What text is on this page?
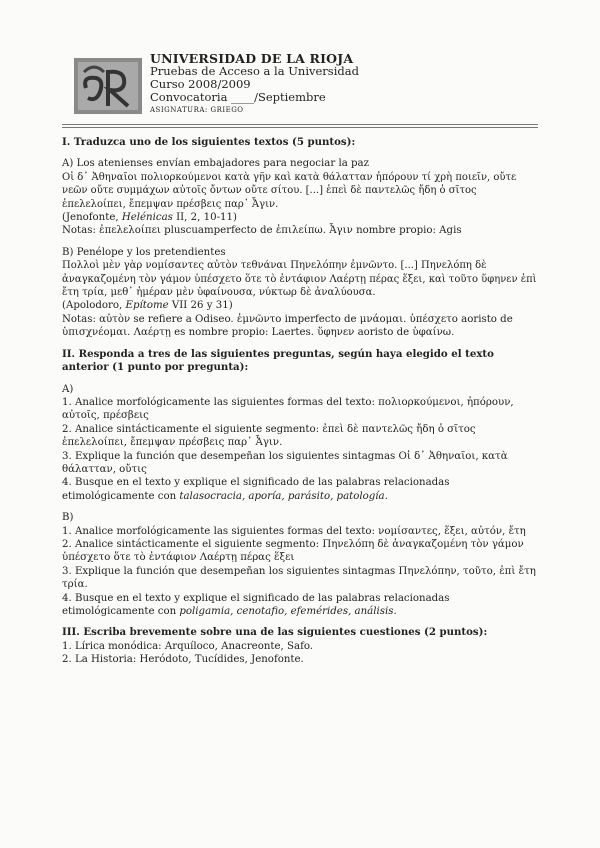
UNIVERSIDAD DE LA RIOJA
Pruebas de Acceso a la Universidad
Curso 2008/2009
Convocatoria ____/Septiembre
ASIGNATURA: GRIEGO

I. Traduzca uno de los siguientes textos (5 puntos):

A) Los atenienses envían embajadores para negociar la paz

Οἱ δ᾽ Ἀθηναῖοι πολιορκούμενοι κατὰ γῆν καὶ κατὰ θάλατταν ἠπόρουν τί χρὴ ποιεῖν, οὔτε νεῶν οὔτε συμμάχων αὐτοῖς ὄντων οὔτε σίτου. [...] ἐπεὶ δὲ παντελῶς ἤδη ὁ σῖτος ἐπελελοίπει, ἔπεμψαν πρέσβεις παρ᾽ Ἆγιν.

(Jenofonte, Helénicas II, 2, 10-11)

Notas: ἐπελελοίπει pluscuamperfecto de ἐπιλείπω. Ἆγιν nombre propio: Agis

B) Penélope y los pretendientes

Πολλοὶ μὲν γὰρ νομίσαντες αὐτὸν τεθνάναι Πηνελόπην ἐμνῶντο. [...] Πηνελόπη δὲ ἀναγκαζομένη τὸν γάμον ὑπέσχετο ὅτε τὸ ἐντάφιον Λαέρτῃ πέρας ἕξει, καὶ τοῦτο ὕφηνεν ἐπὶ ἔτη τρία, μεθ᾽ ἡμέραν μὲν ὑφαίνουσα, νύκτωρ δὲ ἀναλύουσα.

(Apolodoro, Epítome VII 26 y 31)

Notas: αὐτὸν se refiere a Odiseo. ἐμνῶντο imperfecto de μνάομαι. ὑπέσχετο aoristo de ὑπισχνέομαι. Λαέρτῃ es nombre propio: Laertes. ὕφηνεν aoristo de ὑφαίνω.

II. Responda a tres de las siguientes preguntas, según haya elegido el texto anterior (1 punto por pregunta):

A)

1. Analice morfológicamente las siguientes formas del texto: πολιορκούμενοι, ἠπόρουν, αὐτοῖς, πρέσβεις

2. Analice sintácticamente el siguiente segmento: ἐπεὶ δὲ παντελῶς ἤδη ὁ σῖτος ἐπελελοίπει, ἔπεμψαν πρέσβεις παρ᾽ Ἆγιν.

3. Explique la función que desempeñan los siguientes sintagmas Οἱ δ᾽ Ἀθηναῖοι, κατὰ θάλατταν, οὔτις

4. Busque en el texto y explique el significado de las palabras relacionadas etimológicamente con talasocracia, aporía, parásito, patología.

B)

1. Analice morfológicamente las siguientes formas del texto: νομίσαντες, ἕξει, αὐτόν, ἔτη

2. Analice sintácticamente el siguiente segmento: Πηνελόπη δὲ ἀναγκαζομένη τὸν γάμον ὑπέσχετο ὅτε τὸ ἐντάφιον Λαέρτῃ πέρας ἕξει

3. Explique la función que desempeñan los siguientes sintagmas Πηνελόπην, τοῦτο, ἐπὶ ἔτη τρία.

4. Busque en el texto y explique el significado de las palabras relacionadas etimológicamente con poligamia, cenotafio, efemérides, análisis.

III. Escriba brevemente sobre una de las siguientes cuestiones (2 puntos):

1. Lírica monódica: Arquíloco, Anacreonte, Safo.

2. La Historia: Heródoto, Tucídides, Jenofonte.
